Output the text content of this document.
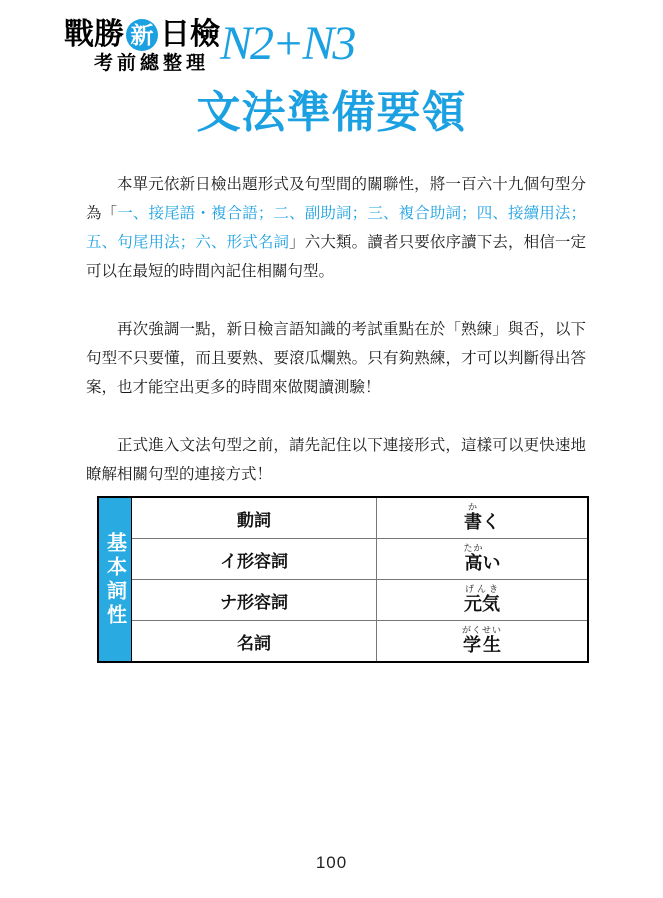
戰勝 新 日檢
考前總整理 N2+N3
文法準備要領

本單元依新日檢出題形式及句型間的關聯性，將一百六十九個句型分為「一、接尾語・複合語；二、副助詞；三、複合助詞；四、接續用法；五、句尾用法；六、形式名詞」六大類。讀者只要依序讀下去，相信一定可以在最短的時間內記住相關句型。

再次強調一點，新日檢言語知識的考試重點在於「熟練」與否，以下句型不只要懂，而且要熟、要滾瓜爛熟。只有夠熟練，才可以判斷得出答案，也才能空出更多的時間來做閱讀測驗！

正式進入文法句型之前，請先記住以下連接形式，這樣可以更快速地瞭解相關句型的連接方式！

基本詞性	動詞	書かく
	イ形容詞	高たかい
	ナ形容詞	元気げんき
	名詞	学生がくせい
100
